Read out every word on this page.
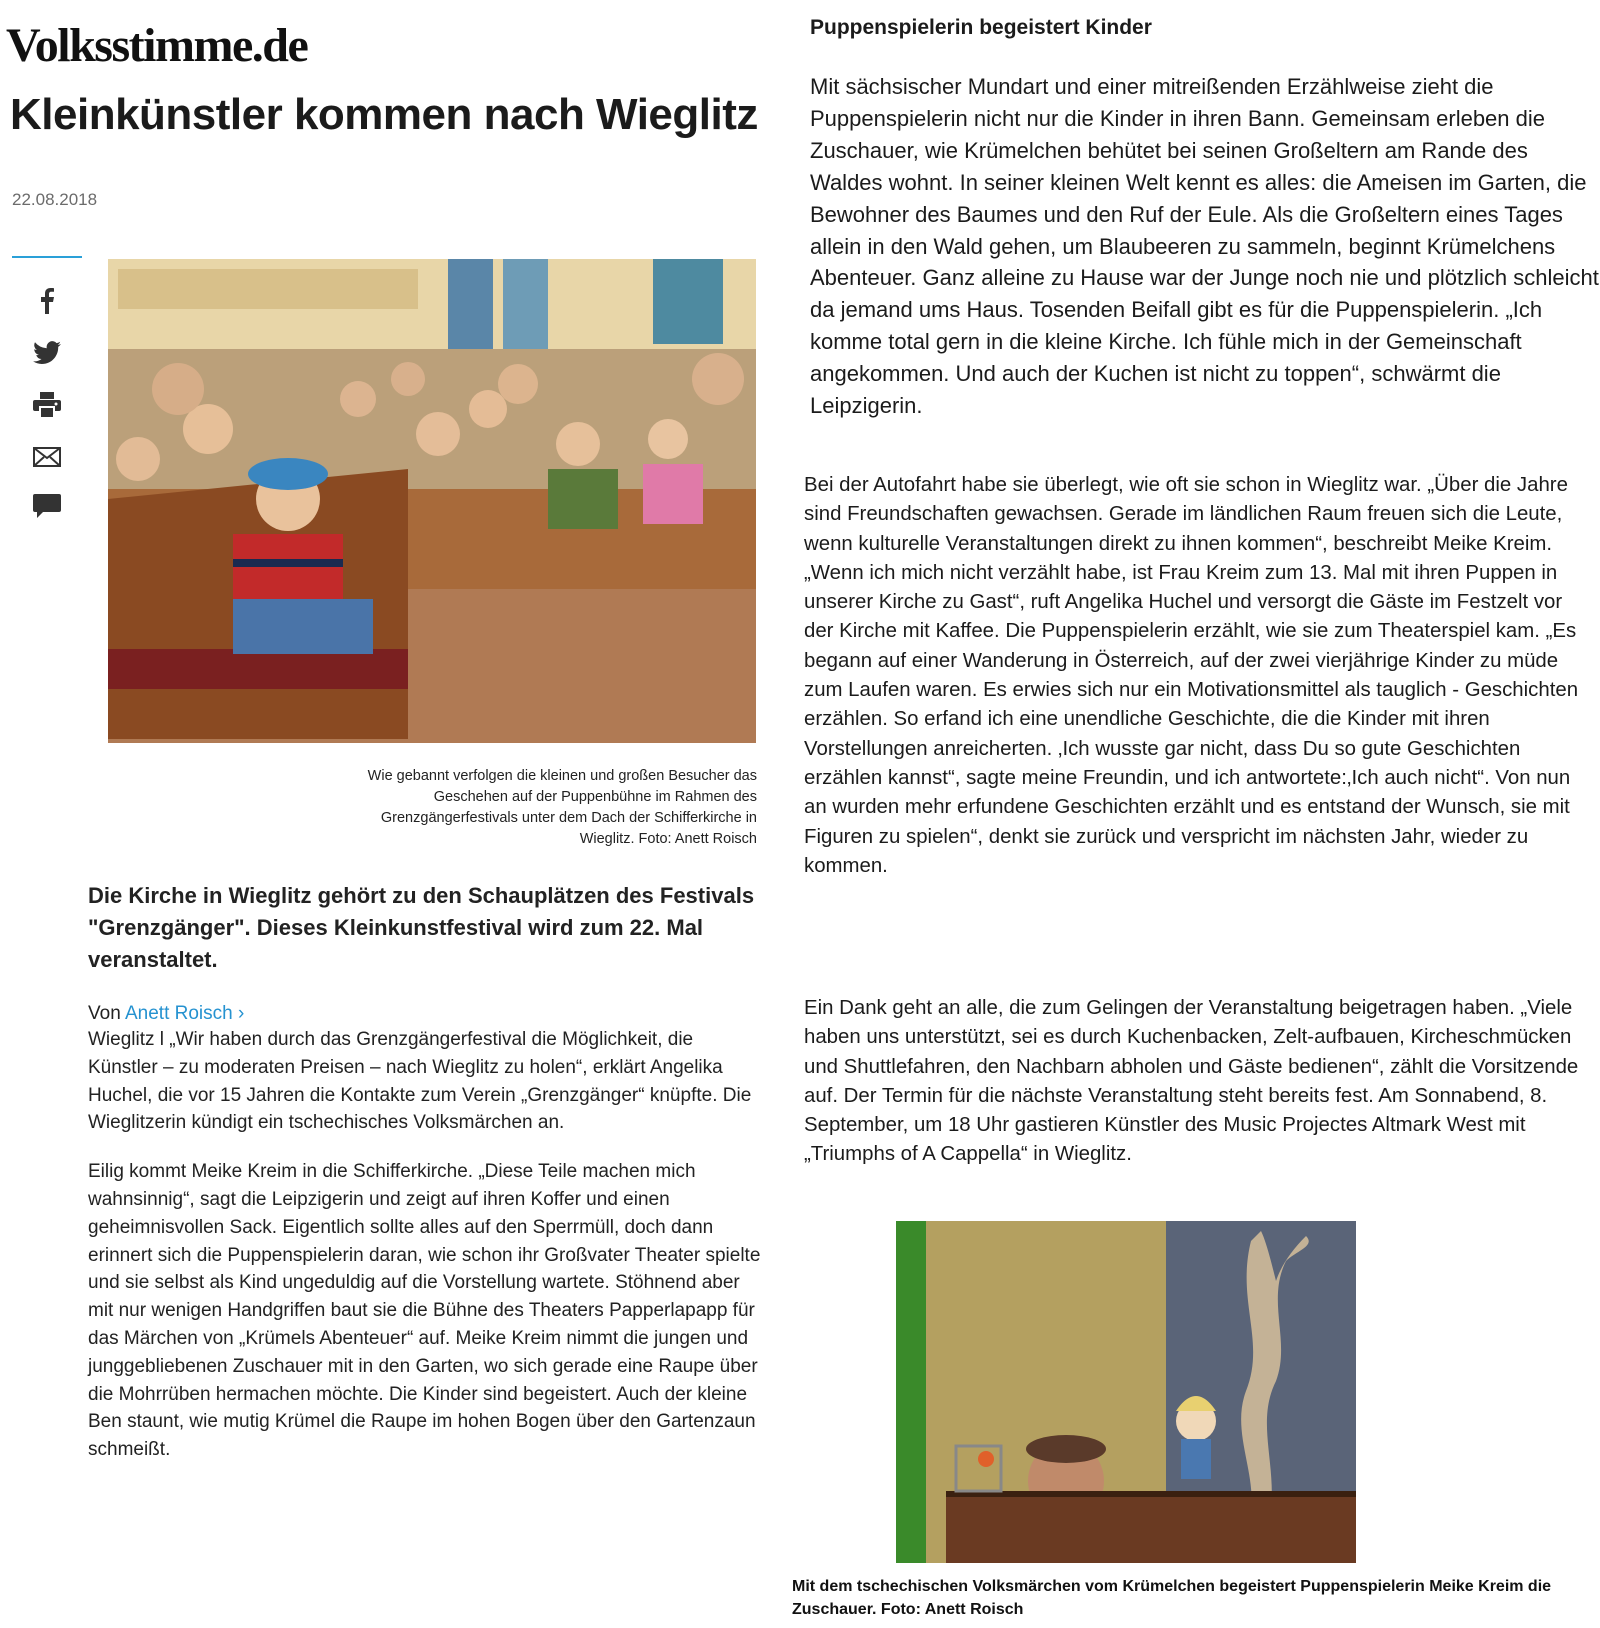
Volksstimme.de
Kleinkünstler kommen nach Wieglitz
22.08.2018
Wie gebannt verfolgen die kleinen und großen Besucher das Geschehen auf der Puppenbühne im Rahmen des Grenzgängerfestivals unter dem Dach der Schifferkirche in Wieglitz. Foto: Anett Roisch
Die Kirche in Wieglitz gehört zu den Schauplätzen des Festivals "Grenzgänger". Dieses Kleinkunstfestival wird zum 22. Mal veranstaltet.
Von Anett Roisch ›

Wieglitz l „Wir haben durch das Grenzgängerfestival die Möglichkeit, die Künstler – zu moderaten Preisen – nach Wieglitz zu holen“, erklärt Angelika Huchel, die vor 15 Jahren die Kontakte zum Verein „Grenzgänger“ knüpfte. Die Wieglitzerin kündigt ein tschechisches Volksmärchen an.

Eilig kommt Meike Kreim in die Schifferkirche. „Diese Teile machen mich wahnsinnig“, sagt die Leipzigerin und zeigt auf ihren Koffer und einen geheimnisvollen Sack. Eigentlich sollte alles auf den Sperrmüll, doch dann erinnert sich die Puppenspielerin daran, wie schon ihr Großvater Theater spielte und sie selbst als Kind ungeduldig auf die Vorstellung wartete. Stöhnend aber mit nur wenigen Handgriffen baut sie die Bühne des Theaters Papperlapapp für das Märchen von „Krümels Abenteuer“ auf. Meike Kreim nimmt die jungen und junggebliebenen Zuschauer mit in den Garten, wo sich gerade eine Raupe über die Mohrrüben hermachen möchte. Die Kinder sind begeistert. Auch der kleine Ben staunt, wie mutig Krümel die Raupe im hohen Bogen über den Gartenzaun schmeißt.

Puppenspielerin begeistert Kinder
Mit sächsischer Mundart und einer mitreißenden Erzählweise zieht die Puppenspielerin nicht nur die Kinder in ihren Bann. Gemeinsam erleben die Zuschauer, wie Krümelchen behütet bei seinen Großeltern am Rande des Waldes wohnt. In seiner kleinen Welt kennt es alles: die Ameisen im Garten, die Bewohner des Baumes und den Ruf der Eule. Als die Großeltern eines Tages allein in den Wald gehen, um Blaubeeren zu sammeln, beginnt Krümelchens Abenteuer. Ganz alleine zu Hause war der Junge noch nie und plötzlich schleicht da jemand ums Haus. Tosenden Beifall gibt es für die Puppenspielerin. „Ich komme total gern in die kleine Kirche. Ich fühle mich in der Gemeinschaft angekommen. Und auch der Kuchen ist nicht zu toppen“, schwärmt die Leipzigerin.
Bei der Autofahrt habe sie überlegt, wie oft sie schon in Wieglitz war. „Über die Jahre sind Freundschaften gewachsen. Gerade im ländlichen Raum freuen sich die Leute, wenn kulturelle Veranstaltungen direkt zu ihnen kommen“, beschreibt Meike Kreim. „Wenn ich mich nicht verzählt habe, ist Frau Kreim zum 13. Mal mit ihren Puppen in unserer Kirche zu Gast“, ruft Angelika Huchel und versorgt die Gäste im Festzelt vor der Kirche mit Kaffee. Die Puppenspielerin erzählt, wie sie zum Theaterspiel kam. „Es begann auf einer Wanderung in Österreich, auf der zwei vierjährige Kinder zu müde zum Laufen waren. Es erwies sich nur ein Motivationsmittel als tauglich - Geschichten erzählen. So erfand ich eine unendliche Geschichte, die die Kinder mit ihren Vorstellungen anreicherten. ‚Ich wusste gar nicht, dass Du so gute Geschichten erzählen kannst“, sagte meine Freundin, und ich antwortete:‚Ich auch nicht“. Von nun an wurden mehr erfundene Geschichten erzählt und es entstand der Wunsch, sie mit Figuren zu spielen“, denkt sie zurück und verspricht im nächsten Jahr, wieder zu kommen.
Ein Dank geht an alle, die zum Gelingen der Veranstaltung beigetragen haben. „Viele haben uns unterstützt, sei es durch Kuchenbacken, Zelt-aufbauen, Kircheschmücken und Shuttlefahren, den Nachbarn abholen und Gäste bedienen“, zählt die Vorsitzende auf. Der Termin für die nächste Veranstaltung steht bereits fest. Am Sonnabend, 8. September, um 18 Uhr gastieren Künstler des Music Projectes Altmark West mit „Triumphs of A Cappella“ in Wieglitz.
Mit dem tschechischen Volksmärchen vom Krümelchen begeistert Puppenspielerin Meike Kreim die Zuschauer. Foto: Anett Roisch
